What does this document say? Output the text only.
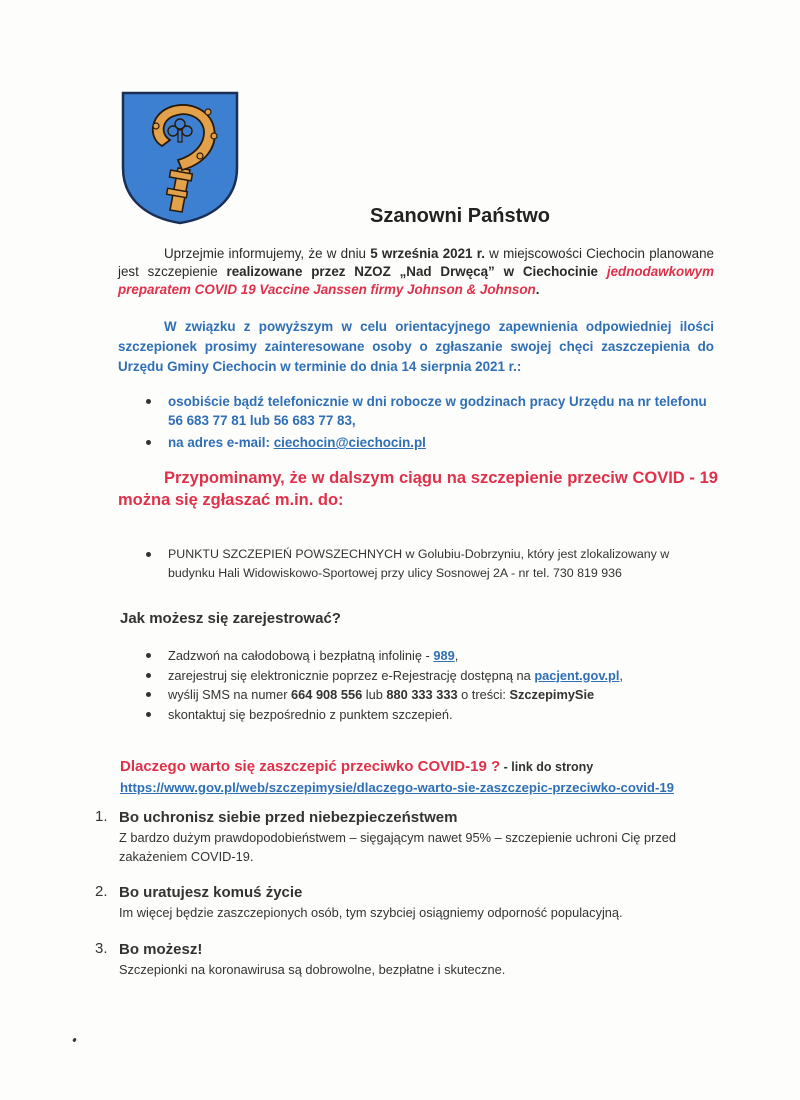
Szanowni Państwo
Uprzejmie informujemy, że w dniu 5 września 2021 r. w miejscowości Ciechocin planowane jest szczepienie realizowane przez NZOZ „Nad Drwęcą” w Ciechocinie jednodawkowym preparatem COVID 19 Vaccine Janssen firmy Johnson & Johnson.
W związku z powyższym w celu orientacyjnego zapewnienia odpowiedniej ilości szczepionek prosimy zainteresowane osoby o zgłaszanie swojej chęci zaszczepienia do Urzędu Gminy Ciechocin w terminie do dnia 14 sierpnia 2021 r.:
osobiście bądź telefonicznie w dni robocze w godzinach pracy Urzędu na nr telefonu 56 683 77 81 lub 56 683 77 83,
na adres e-mail: ciechocin@ciechocin.pl
Przypominamy, że w dalszym ciągu na szczepienie przeciw COVID - 19 można się zgłaszać m.in. do:
PUNKTU SZCZEPIEŃ POWSZECHNYCH w Golubiu-Dobrzyniu, który jest zlokalizowany w budynku Hali Widowiskowo-Sportowej przy ulicy Sosnowej 2A - nr tel. 730 819 936
Jak możesz się zarejestrować?
Zadzwoń na całodobową i bezpłatną infolinię - 989,
zarejestruj się elektronicznie poprzez e-Rejestrację dostępną na pacjent.gov.pl,
wyślij SMS na numer 664 908 556 lub 880 333 333 o treści: SzczepimySie
skontaktuj się bezpośrednio z punktem szczepień.
Dlaczego warto się zaszczepić przeciwko COVID-19 ? - link do strony
https://www.gov.pl/web/szczepimysie/dlaczego-warto-sie-zaszczepic-przeciwko-covid-19
1. Bo uchronisz siebie przed niebezpieczeństwem
Z bardzo dużym prawdopodobieństwem – sięgającym nawet 95% – szczepienie uchroni Cię przed zakażeniem COVID-19.
2. Bo uratujesz komuś życie
Im więcej będzie zaszczepionych osób, tym szybciej osiągniemy odporność populacyjną.
3. Bo możesz!
Szczepionki na koronawirusa są dobrowolne, bezpłatne i skuteczne.
